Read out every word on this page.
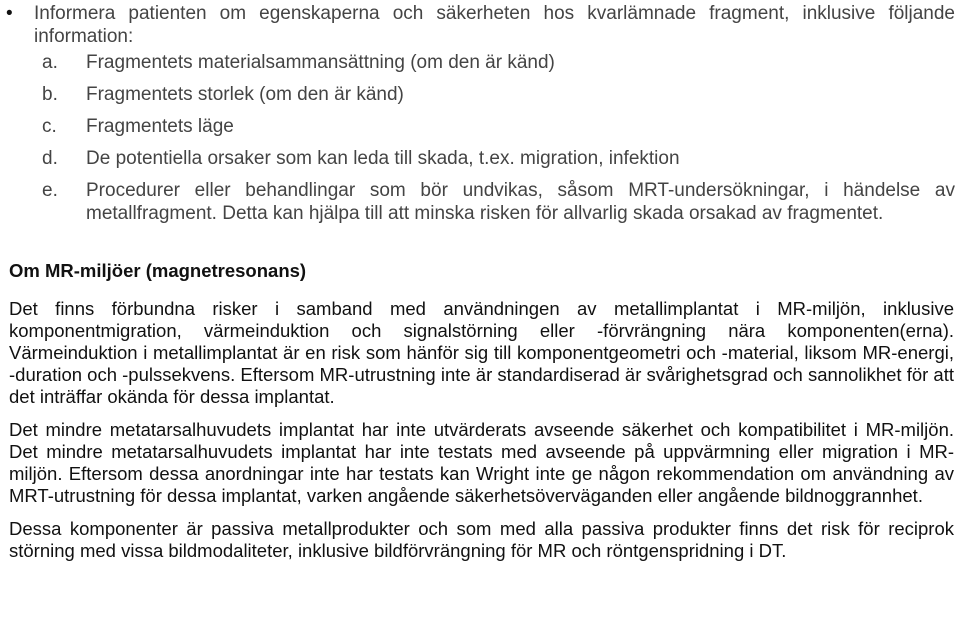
• Informera patienten om egenskaperna och säkerheten hos kvarlämnade fragment, inklusive följande information:
a.	Fragmentets materialsammansättning (om den är känd)
b.	Fragmentets storlek (om den är känd)
c.	Fragmentets läge
d.	De potentiella orsaker som kan leda till skada, t.ex. migration, infektion
e.	Procedurer eller behandlingar som bör undvikas, såsom MRT-undersökningar, i händelse av metallfragment. Detta kan hjälpa till att minska risken för allvarlig skada orsakad av fragmentet.
Om MR-miljöer (magnetresonans)

Det finns förbundna risker i samband med användningen av metallimplantat i MR-miljön, inklusive komponentmigration, värmeinduktion och signalstörning eller -förvrängning nära komponenten(erna). Värmeinduktion i metallimplantat är en risk som hänför sig till komponentgeometri och -material, liksom MR-energi, -duration och -pulssekvens. Eftersom MR-utrustning inte är standardiserad är svårighetsgrad och sannolikhet för att det inträffar okända för dessa implantat.

Det mindre metatarsalhuvudets implantat har inte utvärderats avseende säkerhet och kompatibilitet i MR-miljön. Det mindre metatarsalhuvudets implantat har inte testats med avseende på uppvärmning eller migration i MR-miljön. Eftersom dessa anordningar inte har testats kan Wright inte ge någon rekommendation om användning av MRT-utrustning för dessa implantat, varken angående säkerhetsöverväganden eller angående bildnoggrannhet.

Dessa komponenter är passiva metallprodukter och som med alla passiva produkter finns det risk för reciprok störning med vissa bildmodaliteter, inklusive bildförvrängning för MR och röntgenspridning i DT.
